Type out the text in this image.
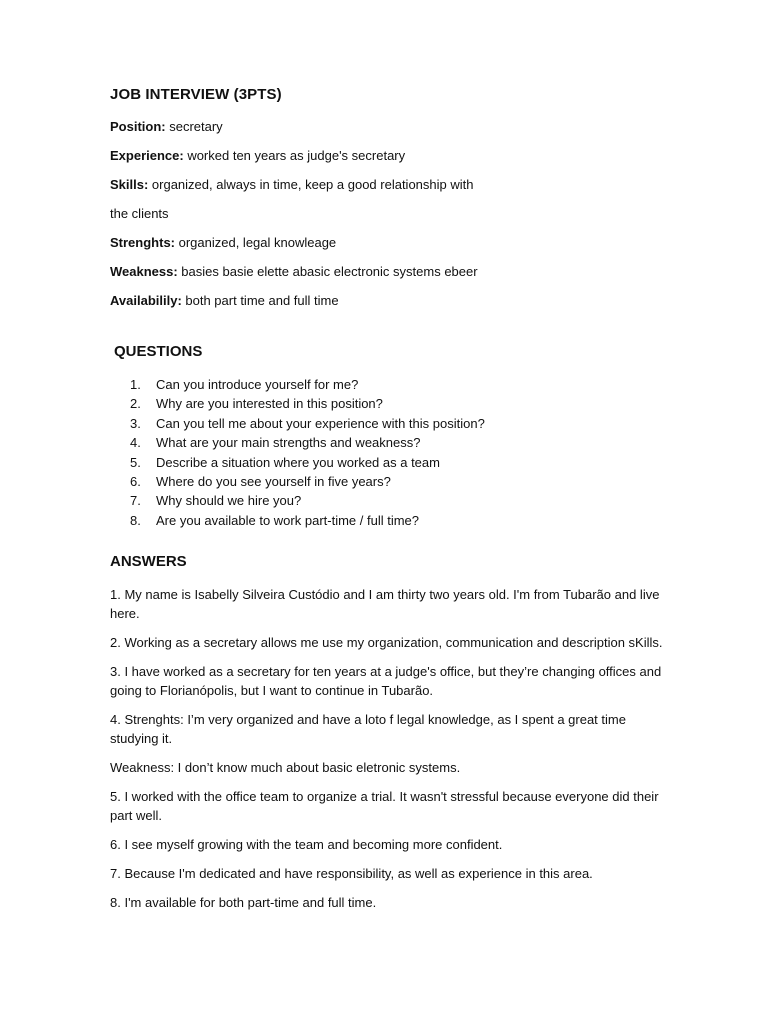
JOB INTERVIEW (3PTS)
Position: secretary
Experience: worked ten years as judge's secretary
Skills: organized, always in time, keep a good relationship with
the clients
Strenghts: organized, legal knowleage
Weakness: basies basie elette abasic electronic systems ebeer
Availabilily: both part time and full time
QUESTIONS
1. Can you introduce yourself for me?
2. Why are you interested in this position?
3. Can you tell me about your experience with this position?
4. What are your main strengths and weakness?
5. Describe a situation where you worked as a team
6. Where do you see yourself in five years?
7. Why should we hire you?
8. Are you available to work part-time / full time?
ANSWERS

1. My name is Isabelly Silveira Custódio and I am thirty two years old. I'm from Tubarão and live here.

2. Working as a secretary allows me use my organization, communication and description sKills.

3. I have worked as a secretary for ten years at a judge's office, but they’re changing offices and going to Florianópolis, but I want to continue in Tubarão.

4. Strenghts: I’m very organized and have a loto f legal knowledge, as I spent a great time studying it.

Weakness: I don’t know much about basic eletronic systems.

5. I worked with the office team to organize a trial. It wasn't stressful because everyone did their part well.

6. I see myself growing with the team and becoming more confident.

7. Because I'm dedicated and have responsibility, as well as experience in this area.

8. I'm available for both part-time and full time.
